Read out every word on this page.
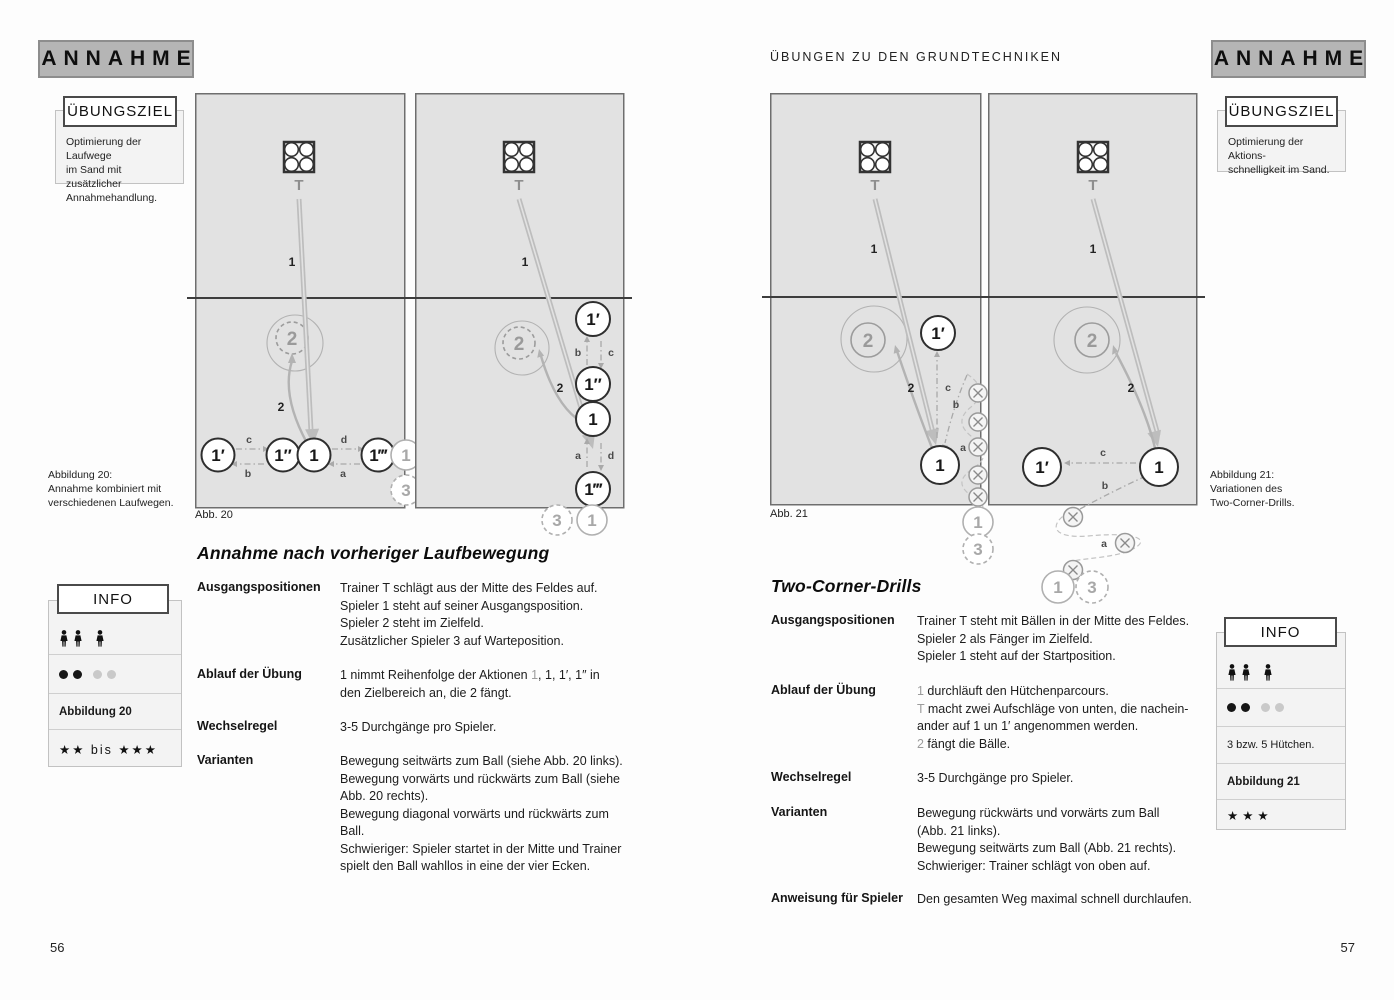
ANNAHME
Optimierung der Laufwege
im Sand mit zusätzlicher
Annahmehandlung.
ÜBUNGSZIEL
Abbildung 20:
Annahme kombiniert mit
verschiedenen Laufwegen.
T
2
1
2
c
b
d
a
1′	1″ 1	1‴ 1
3
Abb. 20
T
2
1
2
1′
b	c
1″
1
a	d
1‴
3 1
Annahme nach vorheriger Laufbewegung
Ausgangspositionen Trainer T schlägt aus der Mitte des Feldes auf.
Spieler 1 steht auf seiner Ausgangsposition.
Spieler 2 steht im Zielfeld.
Zusätzlicher Spieler 3 auf Warteposition.
Ablauf der Übung	1 nimmt Reihenfolge der Aktionen 1, 1, 1′, 1″ in
den Zielbereich an, die 2 fängt.
Wechselregel	3-5 Durchgänge pro Spieler.
Varianten	Bewegung seitwärts zum Ball (siehe Abb. 20 links).
Bewegung vorwärts und rückwärts zum Ball (siehe
Abb. 20 rechts).
Bewegung diagonal vorwärts und rückwärts zum
Ball.
Schwieriger: Spieler startet in der Mitte und Trainer
spielt den Ball wahllos in eine der vier Ecken.
Abbildung 20
★★ bis ★★★
INFO
56
ÜBUNGEN ZU DEN GRUNDTECHNIKEN	ANNAHME
Optimierung der Aktions-
schnelligkeit im Sand.
ÜBUNGSZIEL
Abbildung 21:
Variationen des
Two-Corner-Drills.
T
2
1
2
1′
c
b
1
a
1
3
Abb. 21
T
2
1
2
c
b
1′	1
a
1 3
Two-Corner-Drills
Ausgangspositionen Trainer T steht mit Bällen in der Mitte des Feldes.
Spieler 2 als Fänger im Zielfeld.
Spieler 1 steht auf der Startposition.
Ablauf der Übung	1 durchläuft den Hütchenparcours.
T macht zwei Aufschläge von unten, die nachein-
ander auf 1 un 1′ angenommen werden.
2 fängt die Bälle.
Wechselregel	3-5 Durchgänge pro Spieler.
Varianten	Bewegung rückwärts und vorwärts zum Ball
(Abb. 21 links).
Bewegung seitwärts zum Ball (Abb. 21 rechts).
Schwieriger: Trainer schlägt von oben auf.
Anweisung für Spieler Den gesamten Weg maximal schnell durchlaufen.
3 bzw. 5 Hütchen.
Abbildung 21
★★★
INFO
57
